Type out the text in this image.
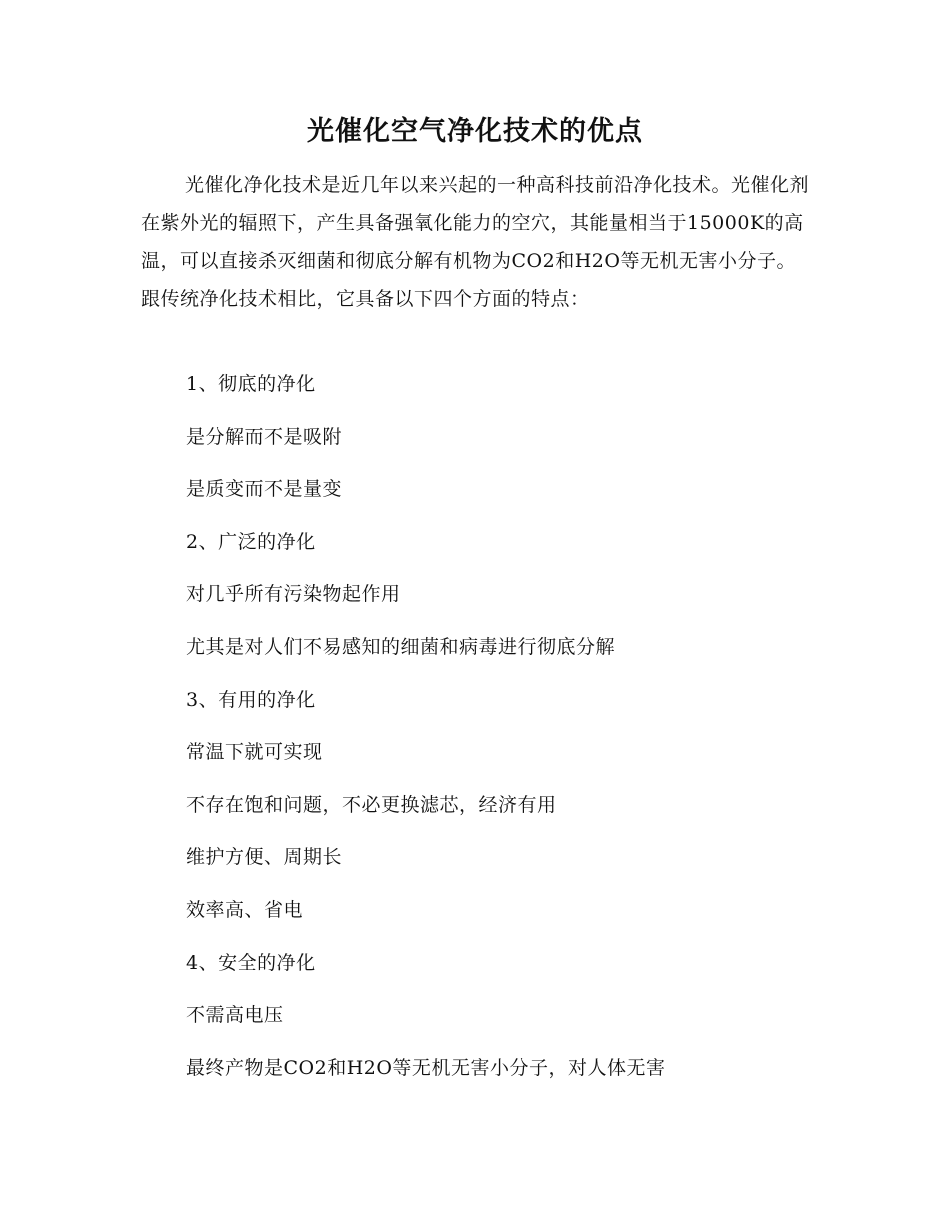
光催化空气净化技术的优点

光催化净化技术是近几年以来兴起的一种高科技前沿净化技术。光催化剂在紫外光的辐照下，产生具备强氧化能力的空穴，其能量相当于15000K的高温，可以直接杀灭细菌和彻底分解有机物为CO2和H2O等无机无害小分子。跟传统净化技术相比，它具备以下四个方面的特点：

1、彻底的净化
是分解而不是吸附
是质变而不是量变
2、广泛的净化
对几乎所有污染物起作用
尤其是对人们不易感知的细菌和病毒进行彻底分解
3、有用的净化
常温下就可实现
不存在饱和问题，不必更换滤芯，经济有用
维护方便、周期长
效率高、省电
4、安全的净化
不需高电压
最终产物是CO2和H2O等无机无害小分子，对人体无害
